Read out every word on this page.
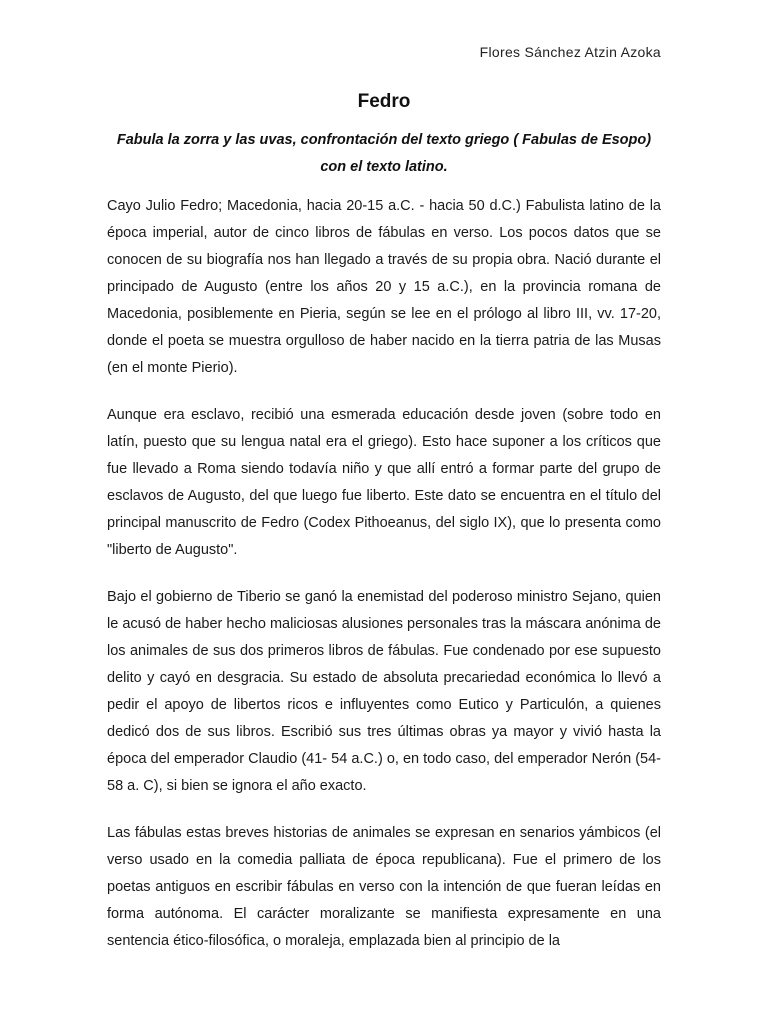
Flores Sánchez Atzin Azoka
Fedro
Fabula la zorra y las uvas, confrontación del texto griego ( Fabulas de Esopo) con el texto latino.

Cayo Julio Fedro; Macedonia, hacia 20-15 a.C. - hacia 50 d.C.) Fabulista latino de la época imperial, autor de cinco libros de fábulas en verso. Los pocos datos que se conocen de su biografía nos han llegado a través de su propia obra. Nació durante el principado de Augusto (entre los años 20 y 15 a.C.), en la provincia romana de Macedonia, posiblemente en Pieria, según se lee en el prólogo al libro III, vv. 17-20, donde el poeta se muestra orgulloso de haber nacido en la tierra patria de las Musas (en el monte Pierio).

Aunque era esclavo, recibió una esmerada educación desde joven (sobre todo en latín, puesto que su lengua natal era el griego). Esto hace suponer a los críticos que fue llevado a Roma siendo todavía niño y que allí entró a formar parte del grupo de esclavos de Augusto, del que luego fue liberto. Este dato se encuentra en el título del principal manuscrito de Fedro (Codex Pithoeanus, del siglo IX), que lo presenta como "liberto de Augusto".

Bajo el gobierno de Tiberio se ganó la enemistad del poderoso ministro Sejano, quien le acusó de haber hecho maliciosas alusiones personales tras la máscara anónima de los animales de sus dos primeros libros de fábulas. Fue condenado por ese supuesto delito y cayó en desgracia. Su estado de absoluta precariedad económica lo llevó a pedir el apoyo de libertos ricos e influyentes como Eutico y Particulón, a quienes dedicó dos de sus libros. Escribió sus tres últimas obras ya mayor y vivió hasta la época del emperador Claudio (41- 54 a.C.) o, en todo caso, del emperador Nerón (54- 58 a. C), si bien se ignora el año exacto.

Las fábulas estas breves historias de animales se expresan en senarios yámbicos (el verso usado en la comedia palliata de época republicana). Fue el primero de los poetas antiguos en escribir fábulas en verso con la intención de que fueran leídas en forma autónoma. El carácter moralizante se manifiesta expresamente en una sentencia ético-filosófica, o moraleja, emplazada bien al principio de la
